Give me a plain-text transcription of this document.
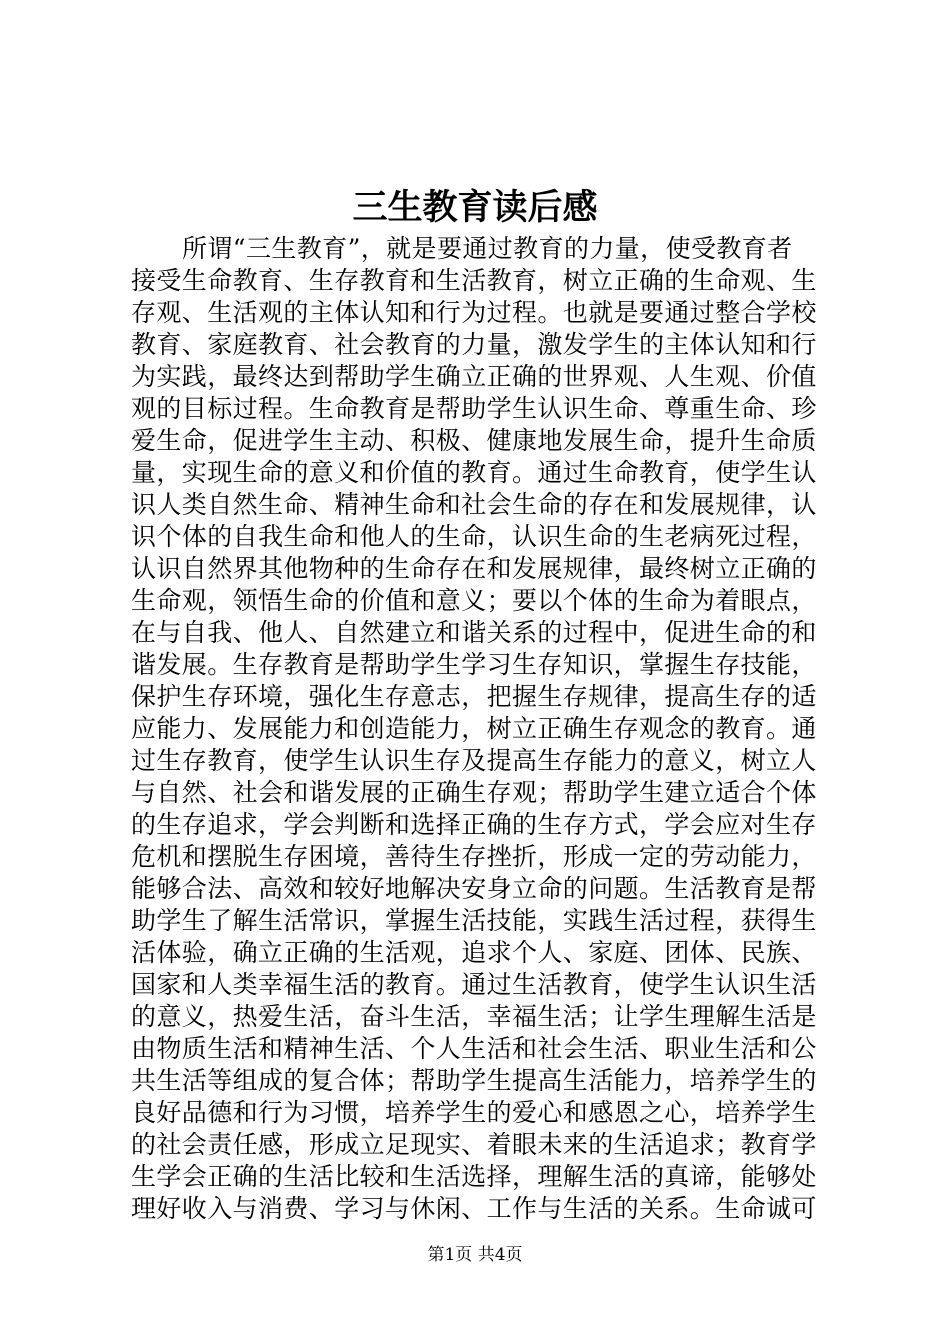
三生教育读后感
所谓“三生教育”，就是要通过教育的力量，使受教育者
接受生命教育、生存教育和生活教育，树立正确的生命观、生
存观、生活观的主体认知和行为过程。也就是要通过整合学校
教育、家庭教育、社会教育的力量，激发学生的主体认知和行
为实践，最终达到帮助学生确立正确的世界观、人生观、价值
观的目标过程。生命教育是帮助学生认识生命、尊重生命、珍
爱生命，促进学生主动、积极、健康地发展生命，提升生命质
量，实现生命的意义和价值的教育。通过生命教育，使学生认
识人类自然生命、精神生命和社会生命的存在和发展规律，认
识个体的自我生命和他人的生命，认识生命的生老病死过程，
认识自然界其他物种的生命存在和发展规律，最终树立正确的
生命观，领悟生命的价值和意义；要以个体的生命为着眼点，
在与自我、他人、自然建立和谐关系的过程中，促进生命的和
谐发展。生存教育是帮助学生学习生存知识，掌握生存技能，
保护生存环境，强化生存意志，把握生存规律，提高生存的适
应能力、发展能力和创造能力，树立正确生存观念的教育。通
过生存教育，使学生认识生存及提高生存能力的意义，树立人
与自然、社会和谐发展的正确生存观；帮助学生建立适合个体
的生存追求，学会判断和选择正确的生存方式，学会应对生存
危机和摆脱生存困境，善待生存挫折，形成一定的劳动能力，
能够合法、高效和较好地解决安身立命的问题。生活教育是帮
助学生了解生活常识，掌握生活技能，实践生活过程，获得生
活体验，确立正确的生活观，追求个人、家庭、团体、民族、
国家和人类幸福生活的教育。通过生活教育，使学生认识生活
的意义，热爱生活，奋斗生活，幸福生活；让学生理解生活是
由物质生活和精神生活、个人生活和社会生活、职业生活和公
共生活等组成的复合体；帮助学生提高生活能力，培养学生的
良好品德和行为习惯，培养学生的爱心和感恩之心，培养学生
的社会责任感，形成立足现实、着眼未来的生活追求；教育学
生学会正确的生活比较和生活选择，理解生活的真谛，能够处
理好收入与消费、学习与休闲、工作与生活的关系。生命诚可
第1页 共4页
